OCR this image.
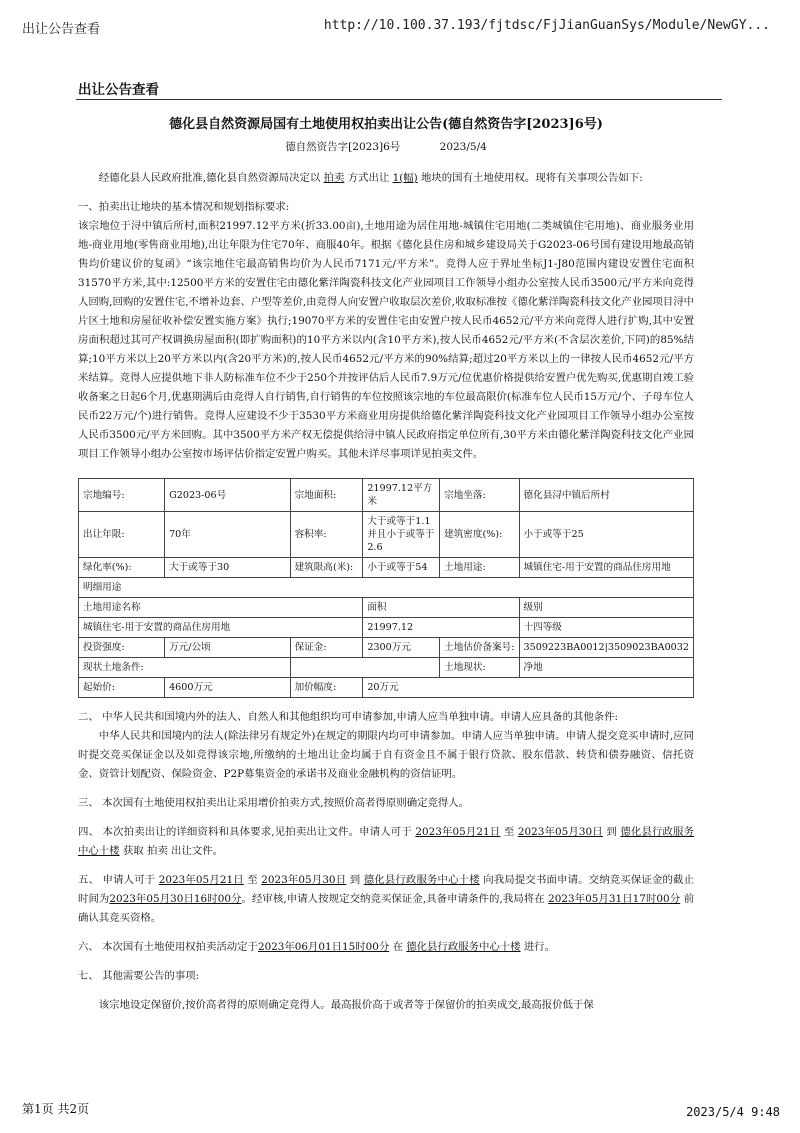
出让公告查看	http://10.100.37.193/fjtdsc/FjJianGuanSys/Module/NewGY...
出让公告查看
德化县自然资源局国有土地使用权拍卖出让公告(德自然资告字[2023]6号)
德自然资告字[2023]6号	2023/5/4

经德化县人民政府批准,德化县自然资源局决定以 拍卖 方式出让 1(幅) 地块的国有土地使用权。现将有关事项公告如下:

一、拍卖出让地块的基本情况和规划指标要求:

该宗地位于浔中镇后所村,面积21997.12平方米(折33.00亩),土地用途为居住用地-城镇住宅用地(二类城镇住宅用地)、商业服务业用地-商业用地(零售商业用地),出让年限为住宅70年、商服40年。根据《德化县住房和城乡建设局关于G2023-06号国有建设用地最高销售均价建议价的复函》“该宗地住宅最高销售均价为人民币7171元/平方米”。竞得人应于界址坐标J1-J80范围内建设安置住宅面积31570平方米,其中:12500平方米的安置住宅由德化紫洋陶瓷科技文化产业园项目工作领导小组办公室按人民币3500元/平方米向竞得人回购,回购的安置住宅,不增补边套、户型等差价,由竞得人向安置户收取层次差价,收取标准按《德化紫洋陶瓷科技文化产业园项目浔中片区土地和房屋征收补偿安置实施方案》执行;19070平方米的安置住宅由安置户按人民币4652元/平方米向竞得人进行扩购,其中安置房面积超过其可产权调换房屋面积(即扩购面积)的10平方米以内(含10平方米),按人民币4652元/平方米(不含层次差价,下同)的85%结算;10平方米以上20平方米以内(含20平方米)的,按人民币4652元/平方米的90%结算;超过20平方米以上的一律按人民币4652元/平方米结算。竞得人应提供地下非人防标准车位不少于250个并按评估后人民币7.9万元/位优惠价格提供给安置户优先购买,优惠期自竣工验收备案之日起6个月,优惠期满后由竞得人自行销售,自行销售的车位按照该宗地的车位最高限价(标准车位人民币15万元/个、子母车位人民币22万元/个)进行销售。竞得人应建设不少于3530平方米商业用房提供给德化紫洋陶瓷科技文化产业园项目工作领导小组办公室按人民币3500元/平方米回购。其中3500平方米产权无偿提供给浔中镇人民政府指定单位所有,30平方米由德化紫洋陶瓷科技文化产业园项目工作领导小组办公室按市场评估价指定安置户购买。其他未详尽事项详见拍卖文件。

宗地编号:	G2023-06号	宗地面积:	21997.12平方米	宗地坐落:	德化县浔中镇后所村
出让年限:	70年	容积率:	大于或等于1.1并且小于或等于2.6	建筑密度(%):	小于或等于25
绿化率(%):	大于或等于30	建筑限高(米):	小于或等于54	土地用途:	城镇住宅-用于安置的商品住房用地
明细用途					
土地用途名称			面积		级别
城镇住宅-用于安置的商品住房用地			21997.12		十四等级
投资强度:	万元/公顷	保证金:	2300万元	土地估价备案号:	3509223BA0012|3509023BA0032
现状土地条件:				土地现状:	净地
起始价:	4600万元	加价幅度:	20万元		

二、 中华人民共和国境内外的法人、自然人和其他组织均可申请参加,申请人应当单独申请。申请人应具备的其他条件:

中华人民共和国境内的法人(除法律另有规定外)在规定的期限内均可申请参加。申请人应当单独申请。申请人提交竞买申请时,应同时提交竞买保证金以及如竞得该宗地,所缴纳的土地出让金均属于自有资金且不属于银行贷款、股东借款、转贷和债券融资、信托资金、资管计划配资、保险资金、P2P募集资金的承诺书及商业金融机构的资信证明。

三、 本次国有土地使用权拍卖出让采用增价拍卖方式,按照价高者得原则确定竞得人。

四、 本次拍卖出让的详细资料和具体要求,见拍卖出让文件。申请人可于 2023年05月21日 至 2023年05月30日 到 德化县行政服务中心十楼 获取 拍卖 出让文件。

五、 申请人可于 2023年05月21日 至 2023年05月30日 到 德化县行政服务中心十楼 向我局提交书面申请。交纳竞买保证金的截止时间为2023年05月30日16时00分。经审核,申请人按规定交纳竞买保证金,具备申请条件的,我局将在 2023年05月31日17时00分 前确认其竞买资格。

六、 本次国有土地使用权拍卖活动定于2023年06月01日15时00分 在 德化县行政服务中心十楼 进行。

七、 其他需要公告的事项:

该宗地设定保留价,按价高者得的原则确定竞得人。最高报价高于或者等于保留价的拍卖成交,最高报价低于保

第1页 共2页	2023/5/4 9:48
